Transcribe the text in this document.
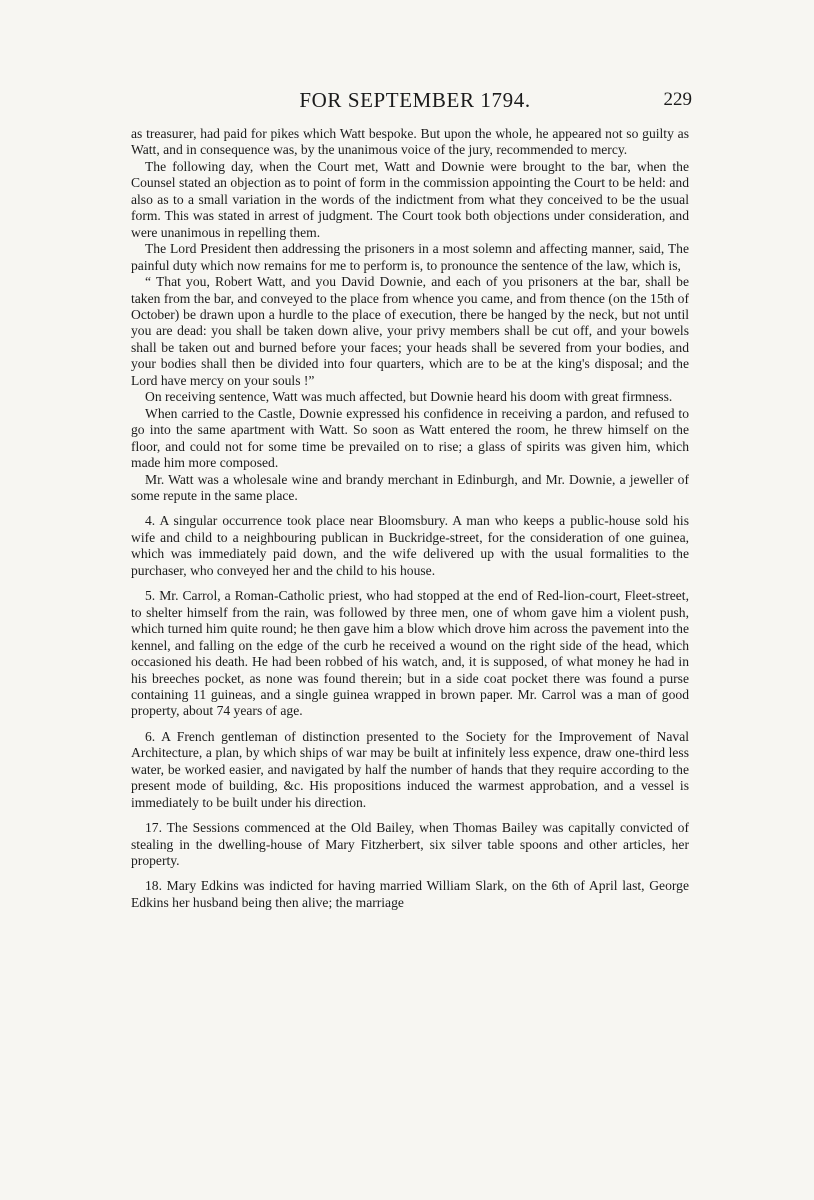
FOR SEPTEMBER 1794.	229

as treasurer, had paid for pikes which Watt bespoke. But upon the whole, he appeared not so guilty as Watt, and in consequence was, by the unanimous voice of the jury, recommended to mercy.

The following day, when the Court met, Watt and Downie were brought to the bar, when the Counsel stated an objection as to point of form in the commission appointing the Court to be held: and also as to a small variation in the words of the indictment from what they conceived to be the usual form. This was stated in arrest of judgment. The Court took both objections under consideration, and were unanimous in repelling them.

The Lord President then addressing the prisoners in a most solemn and affecting manner, said, The painful duty which now remains for me to perform is, to pronounce the sentence of the law, which is,

“ That you, Robert Watt, and you David Downie, and each of you prisoners at the bar, shall be taken from the bar, and conveyed to the place from whence you came, and from thence (on the 15th of October) be drawn upon a hurdle to the place of execution, there be hanged by the neck, but not until you are dead: you shall be taken down alive, your privy members shall be cut off, and your bowels shall be taken out and burned before your faces; your heads shall be severed from your bodies, and your bodies shall then be divided into four quarters, which are to be at the king's disposal; and the Lord have mercy on your souls !”

On receiving sentence, Watt was much affected, but Downie heard his doom with great firmness.

When carried to the Castle, Downie expressed his confidence in receiving a pardon, and refused to go into the same apartment with Watt. So soon as Watt entered the room, he threw himself on the floor, and could not for some time be prevailed on to rise; a glass of spirits was given him, which made him more composed.

Mr. Watt was a wholesale wine and brandy merchant in Edinburgh, and Mr. Downie, a jeweller of some repute in the same place.

4. A singular occurrence took place near Bloomsbury. A man who keeps a public-house sold his wife and child to a neighbouring publican in Buckridge-street, for the consideration of one guinea, which was immediately paid down, and the wife delivered up with the usual formalities to the purchaser, who conveyed her and the child to his house.

5. Mr. Carrol, a Roman-Catholic priest, who had stopped at the end of Red-lion-court, Fleet-street, to shelter himself from the rain, was followed by three men, one of whom gave him a violent push, which turned him quite round; he then gave him a blow which drove him across the pavement into the kennel, and falling on the edge of the curb he received a wound on the right side of the head, which occasioned his death. He had been robbed of his watch, and, it is supposed, of what money he had in his breeches pocket, as none was found therein; but in a side coat pocket there was found a purse containing 11 guineas, and a single guinea wrapped in brown paper. Mr. Carrol was a man of good property, about 74 years of age.

6. A French gentleman of distinction presented to the Society for the Improvement of Naval Architecture, a plan, by which ships of war may be built at infinitely less expence, draw one-third less water, be worked easier, and navigated by half the number of hands that they require according to the present mode of building, &c. His propositions induced the warmest approbation, and a vessel is immediately to be built under his direction.

17. The Sessions commenced at the Old Bailey, when Thomas Bailey was capitally convicted of stealing in the dwelling-house of Mary Fitzherbert, six silver table spoons and other articles, her property.

18. Mary Edkins was indicted for having married William Slark, on the 6th of April last, George Edkins her husband being then alive; the marriage
